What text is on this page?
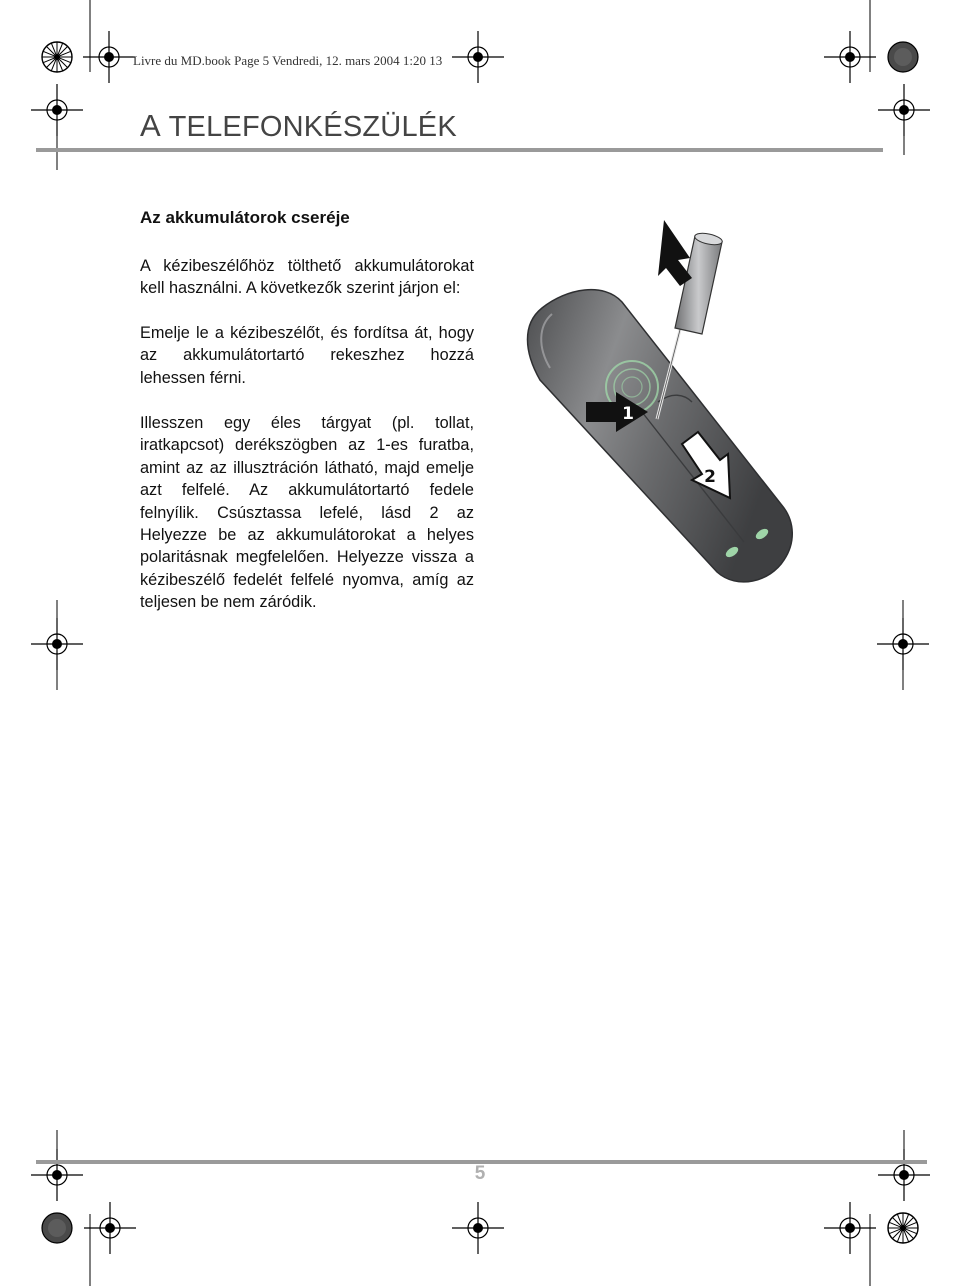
Livre du MD.book Page 5 Vendredi, 12. mars 2004 1:20 13
A TELEFONKÉSZÜLÉK
Az akkumulátorok cseréje
A kézibeszélőhöz tölthető akkumulátorokat
kell használni. A következők szerint járjon el:
Emelje le a kézibeszélőt, és fordítsa át, hogy
az akkumulátortartó rekeszhez hozzá
lehessen férni.
Illesszen egy éles tárgyat (pl. tollat,
iratkapcsot) derékszögben az 1-es furatba,
amint az az illusztráción látható, majd emelje
azt felfelé. Az akkumulátortartó fedele
felnyílik. Csúsztassa lefelé, lásd 2 az
Helyezze be az akkumulátorokat a helyes
polaritásnak megfelelően. Helyezze vissza a
kézibeszélő fedelét felfelé nyomva, amíg az
teljesen be nem záródik.
1
2
5
